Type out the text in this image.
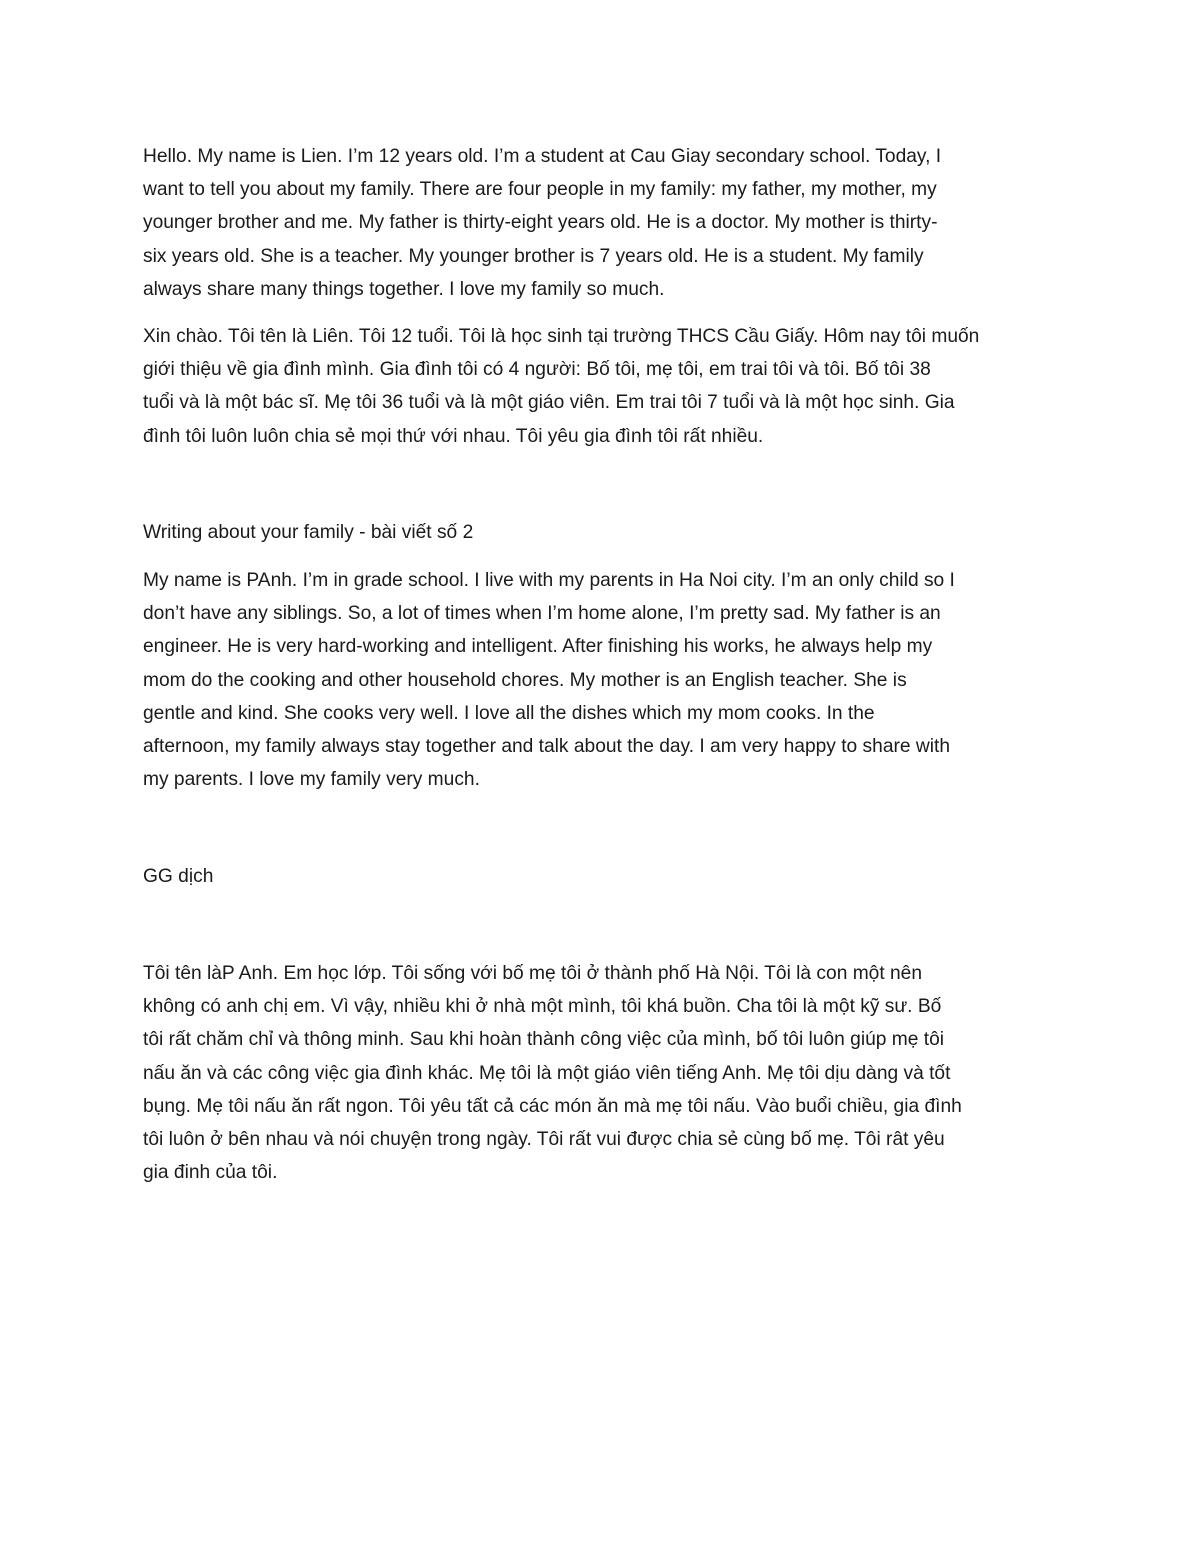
Hello. My name is Lien. I’m 12 years old. I’m a student at Cau Giay secondary school. Today, I
want to tell you about my family. There are four people in my family: my father, my mother, my
younger brother and me. My father is thirty-eight years old. He is a doctor. My mother is thirty-
six years old. She is a teacher. My younger brother is 7 years old. He is a student. My family
always share many things together. I love my family so much.

Xin chào. Tôi tên là Liên. Tôi 12 tuổi. Tôi là học sinh tại trường THCS Cầu Giấy. Hôm nay tôi muốn
giới thiệu về gia đình mình. Gia đình tôi có 4 người: Bố tôi, mẹ tôi, em trai tôi và tôi. Bố tôi 38
tuổi và là một bác sĩ. Mẹ tôi 36 tuổi và là một giáo viên. Em trai tôi 7 tuổi và là một học sinh. Gia
đình tôi luôn luôn chia sẻ mọi thứ với nhau. Tôi yêu gia đình tôi rất nhiều.

Writing about your family - bài viết số 2

My name is PAnh. I’m in grade school. I live with my parents in Ha Noi city. I’m an only child so I
don’t have any siblings. So, a lot of times when I’m home alone, I’m pretty sad. My father is an
engineer. He is very hard-working and intelligent. After finishing his works, he always help my
mom do the cooking and other household chores. My mother is an English teacher. She is
gentle and kind. She cooks very well. I love all the dishes which my mom cooks. In the
afternoon, my family always stay together and talk about the day. I am very happy to share with
my parents. I love my family very much.

GG dịch

Tôi tên làP Anh. Em học lớp. Tôi sống với bố mẹ tôi ở thành phố Hà Nội. Tôi là con một nên
không có anh chị em. Vì vậy, nhiều khi ở nhà một mình, tôi khá buồn. Cha tôi là một kỹ sư. Bố
tôi rất chăm chỉ và thông minh. Sau khi hoàn thành công việc của mình, bố tôi luôn giúp mẹ tôi
nấu ăn và các công việc gia đình khác. Mẹ tôi là một giáo viên tiếng Anh. Mẹ tôi dịu dàng và tốt
bụng. Mẹ tôi nấu ăn rất ngon. Tôi yêu tất cả các món ăn mà mẹ tôi nấu. Vào buổi chiều, gia đình
tôi luôn ở bên nhau và nói chuyện trong ngày. Tôi rất vui được chia sẻ cùng bố mẹ. Tôi rât yêu
gia đinh của tôi.
